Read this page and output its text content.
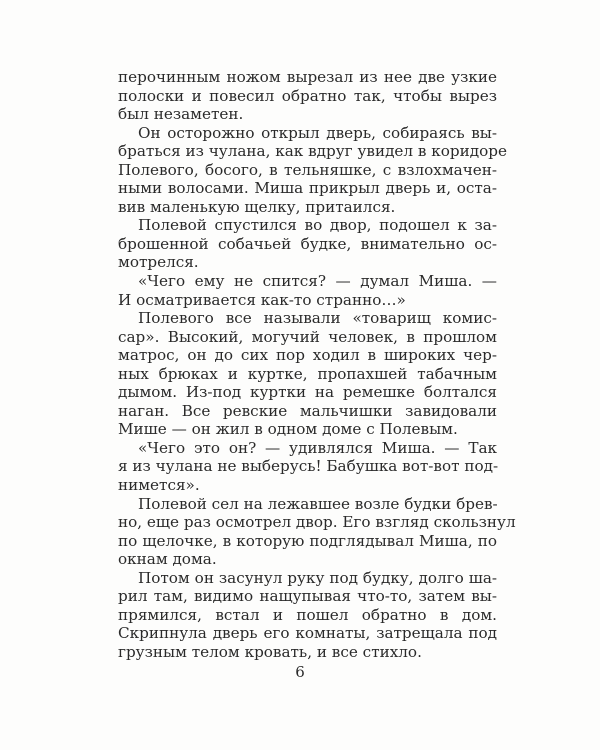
перочинным ножом вырезал из нее две узкие
полоски и повесил обратно так, чтобы вырез
был незаметен.
Он осторожно открыл дверь, собираясь вы-
браться из чулана, как вдруг увидел в коридоре
Полевого, босого, в тельняшке, с взлохмачен-
ными волосами. Миша прикрыл дверь и, оста-
вив маленькую щелку, притаился.
Полевой спустился во двор, подошел к за-
брошенной собачьей будке, внимательно ос-
мотрелся.
«Чего ему не спится? — думал Миша. —
И осматривается как-то странно…»
Полевого все называли «товарищ комис-
сар». Высокий, могучий человек, в прошлом
матрос, он до сих пор ходил в широких чер-
ных брюках и куртке, пропахшей табачным
дымом. Из-под куртки на ремешке болтался
наган. Все ревские мальчишки завидовали
Мише — он жил в одном доме с Полевым.
«Чего это он? — удивлялся Миша. — Так
я из чулана не выберусь! Бабушка вот-вот под-
нимется».
Полевой сел на лежавшее возле будки брев-
но, еще раз осмотрел двор. Его взгляд скользнул
по щелочке, в которую подглядывал Миша, по
окнам дома.
Потом он засунул руку под будку, долго ша-
рил там, видимо нащупывая что-то, затем вы-
прямился, встал и пошел обратно в дом.
Скрипнула дверь его комнаты, затрещала под
грузным телом кровать, и все стихло.
6
